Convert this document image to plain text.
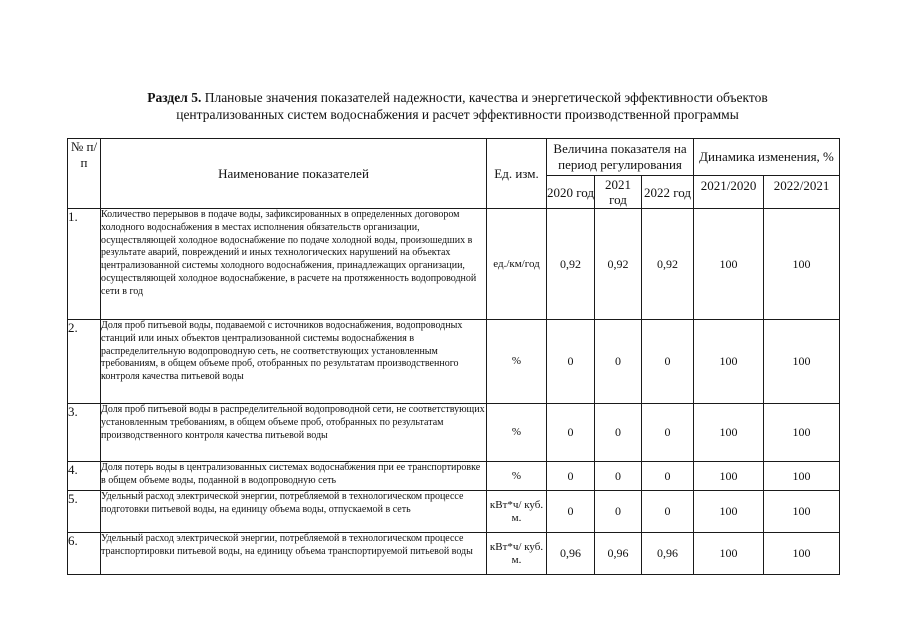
Раздел 5. Плановые значения показателей надежности, качества и энергетической эффективности объектов
централизованных систем водоснабжения и расчет эффективности производственной программы
№ п/п	Наименование показателей	Ед. изм.	Величина показателя на период регулирования			Динамика изменения, %	
			2020 год	2021 год	2022 год	2021/2020	2022/2021
1.	Количество перерывов в подаче воды, зафиксированных в определенных договором холодного водоснабжения в местах исполнения обязательств организации, осуществляющей холодное водоснабжение по подаче холодной воды, произошедших в результате аварий, повреждений и иных технологических нарушений на объектах централизованной системы холодного водоснабжения, принадлежащих организации, осуществляющей холодное водоснабжение, в расчете на протяженность водопроводной сети в год	ед./км/год	0,92	0,92	0,92	100	100
2.	Доля проб питьевой воды, подаваемой с источников водоснабжения, водопроводных станций или иных объектов централизованной системы водоснабжения в распределительную водопроводную сеть, не соответствующих установленным требованиям, в общем объеме проб, отобранных по результатам производственного контроля качества питьевой воды	%	0	0	0	100	100
3.	Доля проб питьевой воды в распределительной водопроводной сети, не соответствующих установленным требованиям, в общем объеме проб, отобранных по результатам производственного контроля качества питьевой воды	%	0	0	0	100	100
4.	Доля потерь воды в централизованных системах водоснабжения при ее транспортировке в общем объеме воды, поданной в водопроводную сеть	%	0	0	0	100	100
5.	Удельный расход электрической энергии, потребляемой в технологическом процессе подготовки питьевой воды, на единицу объема воды, отпускаемой в сеть	кВт*ч/ куб. м.	0	0	0	100	100
6.	Удельный расход электрической энергии, потребляемой в технологическом процессе транспортировки питьевой воды, на единицу объема транспортируемой питьевой воды	кВт*ч/ куб. м.	0,96	0,96	0,96	100	100
